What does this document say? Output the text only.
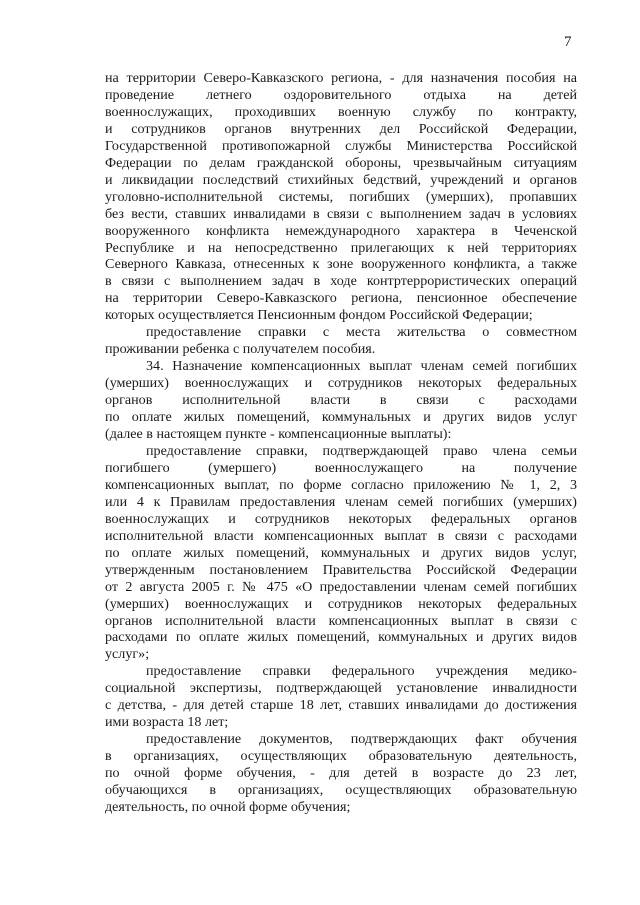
7
на территории Северо-Кавказского региона, - для назначения пособия на
проведение летнего оздоровительного отдыха на детей
военнослужащих, проходивших военную службу по контракту,
и сотрудников органов внутренних дел Российской Федерации,
Государственной противопожарной службы Министерства Российской
Федерации по делам гражданской обороны, чрезвычайным ситуациям
и ликвидации последствий стихийных бедствий, учреждений и органов
уголовно-исполнительной системы, погибших (умерших), пропавших
без вести, ставших инвалидами в связи с выполнением задач в условиях
вооруженного конфликта немеждународного характера в Чеченской
Республике и на непосредственно прилегающих к ней территориях
Северного Кавказа, отнесенных к зоне вооруженного конфликта, а также
в связи с выполнением задач в ходе контртеррористических операций
на территории Северо-Кавказского региона, пенсионное обеспечение
которых осуществляется Пенсионным фондом Российской Федерации;
предоставление справки с места жительства о совместном
проживании ребенка с получателем пособия.
34. Назначение компенсационных выплат членам семей погибших
(умерших) военнослужащих и сотрудников некоторых федеральных
органов исполнительной власти в связи с расходами
по оплате жилых помещений, коммунальных и других видов услуг
(далее в настоящем пункте - компенсационные выплаты):
предоставление справки, подтверждающей право члена семьи
погибшего (умершего) военнослужащего на получение
компенсационных выплат, по форме согласно приложению № 1, 2, 3
или 4 к Правилам предоставления членам семей погибших (умерших)
военнослужащих и сотрудников некоторых федеральных органов
исполнительной власти компенсационных выплат в связи с расходами
по оплате жилых помещений, коммунальных и других видов услуг,
утвержденным постановлением Правительства Российской Федерации
от 2 августа 2005 г. № 475 «О предоставлении членам семей погибших
(умерших) военнослужащих и сотрудников некоторых федеральных
органов исполнительной власти компенсационных выплат в связи с
расходами по оплате жилых помещений, коммунальных и других видов
услуг»;
предоставление справки федерального учреждения медико-
социальной экспертизы, подтверждающей установление инвалидности
с детства, - для детей старше 18 лет, ставших инвалидами до достижения
ими возраста 18 лет;
предоставление документов, подтверждающих факт обучения
в организациях, осуществляющих образовательную деятельность,
по очной форме обучения, - для детей в возрасте до 23 лет,
обучающихся в организациях, осуществляющих образовательную
деятельность, по очной форме обучения;
